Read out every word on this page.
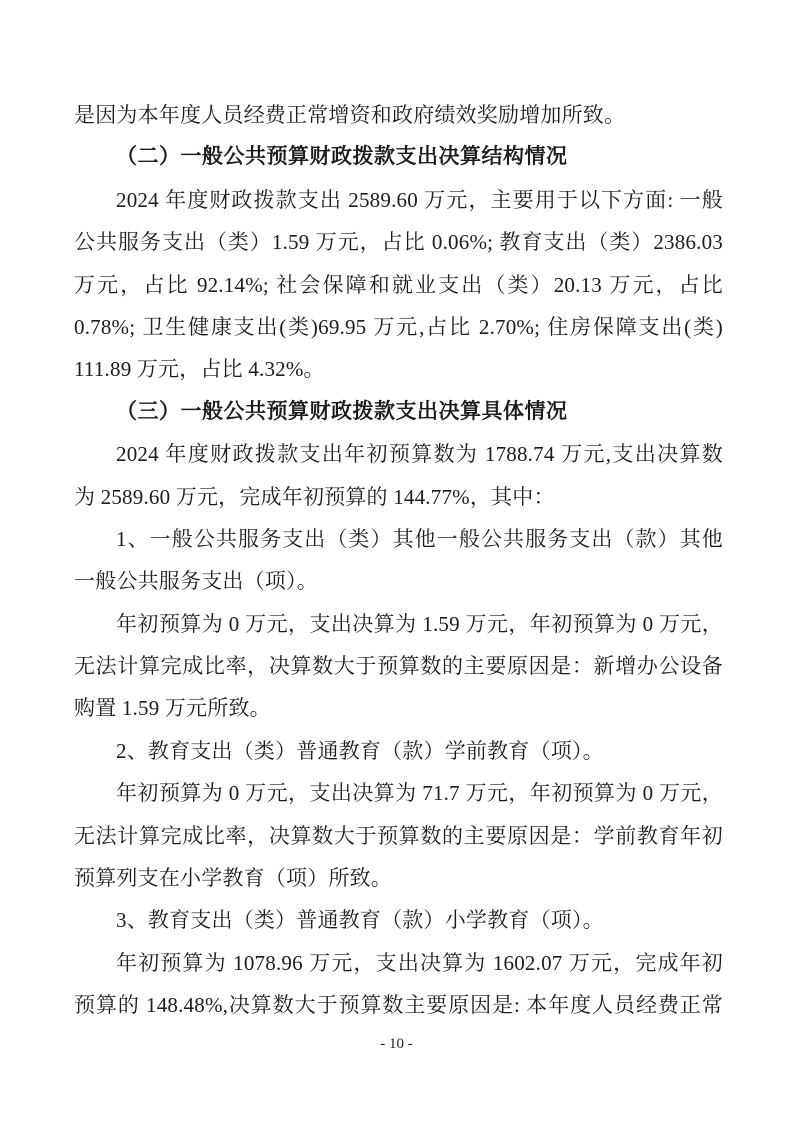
是因为本年度人员经费正常增资和政府绩效奖励增加所致。
（二）一般公共预算财政拨款支出决算结构情况
2024 年度财政拨款支出 2589.60 万元，主要用于以下方面: 一般
公共服务支出（类）1.59 万元，占比 0.06%; 教育支出（类）2386.03
万元，占比 92.14%; 社会保障和就业支出（类）20.13 万元，占比
0.78%; 卫生健康支出(类)69.95 万元,占比 2.70%; 住房保障支出(类)
111.89 万元，占比 4.32%。
（三）一般公共预算财政拨款支出决算具体情况
2024 年度财政拨款支出年初预算数为 1788.74 万元,支出决算数
为 2589.60 万元，完成年初预算的 144.77%，其中：
1、一般公共服务支出（类）其他一般公共服务支出（款）其他
一般公共服务支出（项）。
年初预算为 0 万元，支出决算为 1.59 万元，年初预算为 0 万元，
无法计算完成比率，决算数大于预算数的主要原因是：新增办公设备
购置 1.59 万元所致。
2、教育支出（类）普通教育（款）学前教育（项）。
年初预算为 0 万元，支出决算为 71.7 万元，年初预算为 0 万元，
无法计算完成比率，决算数大于预算数的主要原因是：学前教育年初
预算列支在小学教育（项）所致。
3、教育支出（类）普通教育（款）小学教育（项）。
年初预算为 1078.96 万元，支出决算为 1602.07 万元，完成年初
预算的 148.48%,决算数大于预算数主要原因是: 本年度人员经费正常
- 10 -
